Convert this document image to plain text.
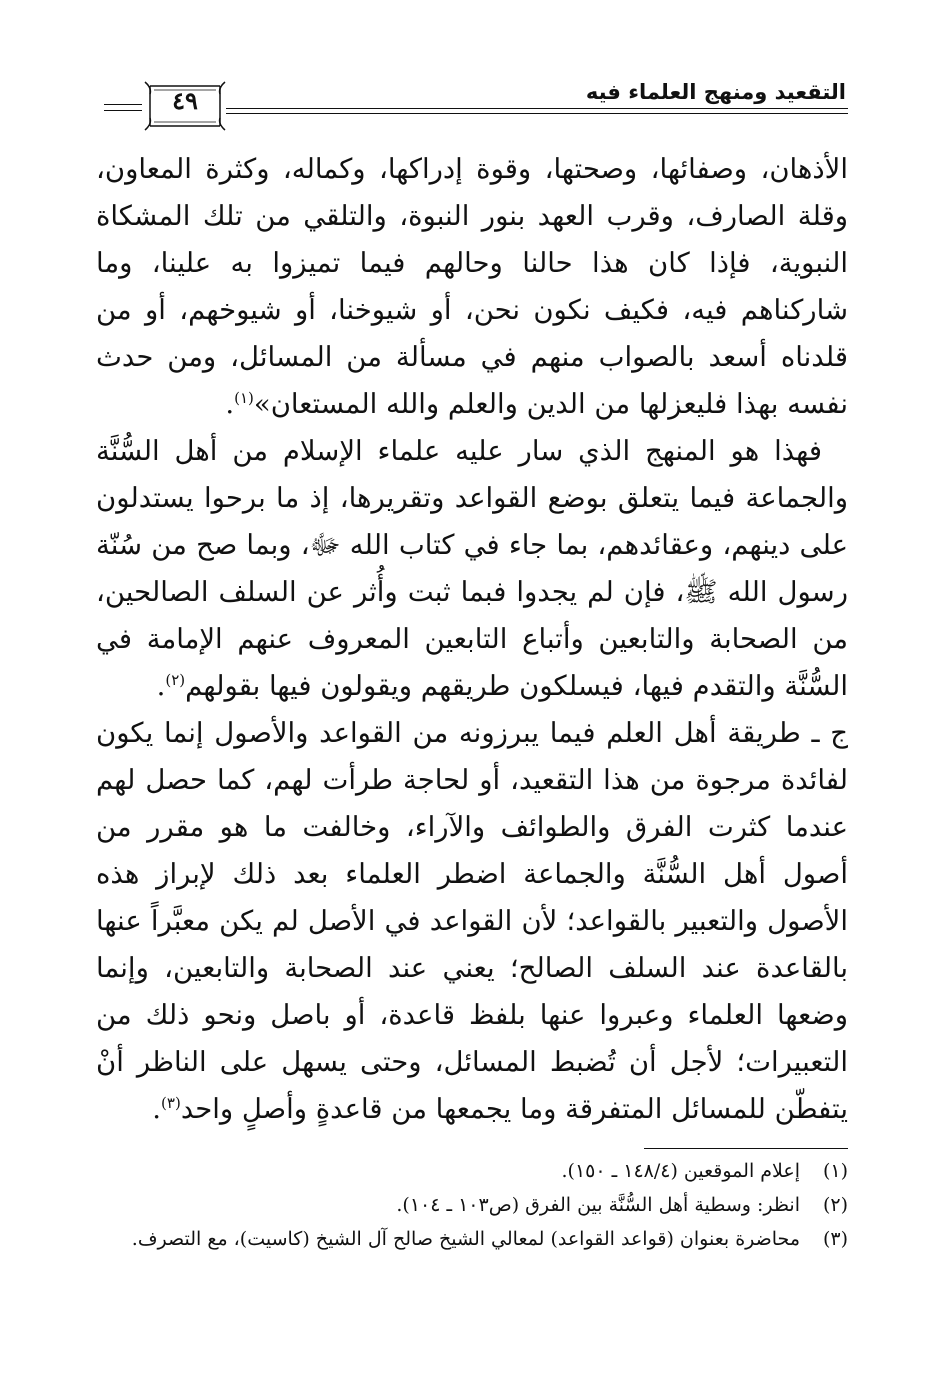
التقعيد ومنهج العلماء فيه
٤٩

الأذهان، وصفائها، وصحتها، وقوة إدراكها، وكماله، وكثرة المعاون، وقلة الصارف، وقرب العهد بنور النبوة، والتلقي من تلك المشكاة النبوية، فإذا كان هذا حالنا وحالهم فيما تميزوا به علينا، وما شاركناهم فيه، فكيف نكون نحن، أو شيوخنا، أو شيوخهم، أو من قلدناه أسعد بالصواب منهم في مسألة من المسائل، ومن حدث نفسه بهذا فليعزلها من الدين والعلم والله المستعان»$^{(١)}$.

فهذا هو المنهج الذي سار عليه علماء الإسلام من أهل السُّنَّة والجماعة فيما يتعلق بوضع القواعد وتقريرها، إذ ما برحوا يستدلون على دينهم، وعقائدهم، بما جاء في كتاب الله ﷻ، وبما صح من سُنّة رسول الله ﷺ، فإن لم يجدوا فبما ثبت وأُثر عن السلف الصالحين، من الصحابة والتابعين وأتباع التابعين المعروف عنهم الإمامة في السُّنَّة والتقدم فيها، فيسلكون طريقهم ويقولون فيها بقولهم$^{(٢)}$.

ج ـ طريقة أهل العلم فيما يبرزونه من القواعد والأصول إنما يكون لفائدة مرجوة من هذا التقعيد، أو لحاجة طرأت لهم، كما حصل لهم عندما كثرت الفرق والطوائف والآراء، وخالفت ما هو مقرر من أصول أهل السُّنَّة والجماعة اضطر العلماء بعد ذلك لإبراز هذه الأصول والتعبير بالقواعد؛ لأن القواعد في الأصل لم يكن معبَّراً عنها بالقاعدة عند السلف الصالح؛ يعني عند الصحابة والتابعين، وإنما وضعها العلماء وعبروا عنها بلفظ قاعدة، أو باصل ونحو ذلك من التعبيرات؛ لأجل أن تُضبط المسائل، وحتى يسهل على الناظر أنْ يتفطّن للمسائل المتفرقة وما يجمعها من قاعدةٍ وأصلٍ واحد$^{(٣)}$.

(١)
إعلام الموقعين (١٤٨/٤ ـ ١٥٠).
(٢)
انظر: وسطية أهل السُّنَّة بين الفرق (ص١٠٣ ـ ١٠٤).
(٣)
محاضرة بعنوان (قواعد القواعد) لمعالي الشيخ صالح آل الشيخ (كاسيت)، مع التصرف.
